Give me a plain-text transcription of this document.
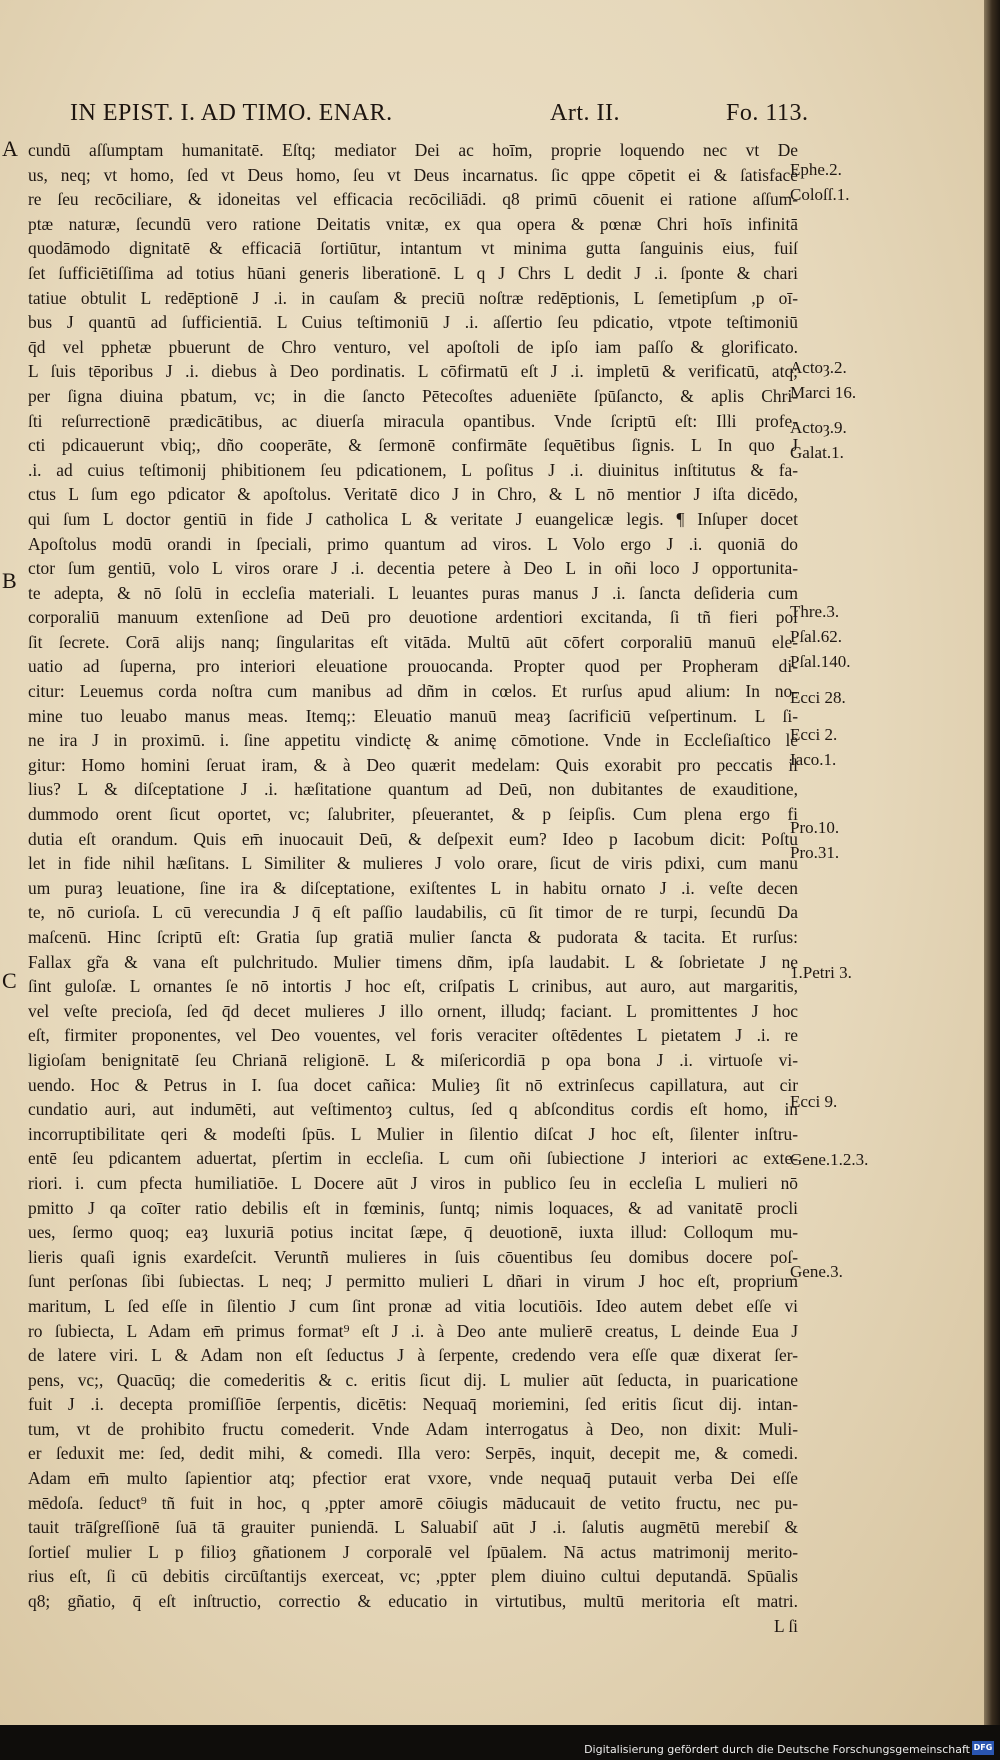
IN EPIST. I. AD TIMO. ENAR.	Art. II.	Fo. 113.
A
B
C
cundū aſſumptam humanitatē. Eſtq; mediator Dei ac hoīm, proprie loquendo nec vt De
us, neq; vt homo, ſed vt Deus homo, ſeu vt Deus incarnatus. ſic qppe cōpetit ei & ſatisface
re ſeu recōciliare, & idoneitas vel efficacia recōciliādi. q8 primū cōuenit ei ratione aſſum-
ptæ naturæ, ſecundū vero ratione Deitatis vnitæ, ex qua opera & pœnæ Chri hoīs infinitā
quodāmodo dignitatē & efficaciā ſortiūtur, intantum vt minima gutta ſanguinis eius, fuiſ
ſet ſufficiētiſſima ad totius hūani generis liberationē. L q J Chrs L dedit J .i. ſponte & chari
tatiue obtulit L redēptionē J .i. in cauſam & preciū noſtræ redēptionis, L ſemetipſum ,p oī-
bus J quantū ad ſufficientiā. L Cuius teſtimoniū J .i. aſſertio ſeu pdicatio, vtpote teſtimoniū
q̄d vel pphetæ pbuerunt de Chro venturo, vel apoſtoli de ipſo iam paſſo & glorificato.
L ſuis tēporibus J .i. diebus à Deo pordinatis. L cōfirmatū eſt J .i. impletū & verificatū, atq;
per ſigna diuina pbatum, vc; in die ſancto Pētecoſtes adueniēte ſpūſancto, & aplis Chri-
ſti reſurrectionē prædicātibus, ac diuerſa miracula opantibus. Vnde ſcriptū eſt: Illi profe-
cti pdicauerunt vbiq;, dño cooperāte, & ſermonē confirmāte ſequētibus ſignis. L In quo J
.i. ad cuius teſtimonij phibitionem ſeu pdicationem, L poſitus J .i. diuinitus inſtitutus & fa-
ctus L ſum ego pdicator & apoſtolus. Veritatē dico J in Chro, & L nō mentior J iſta dicēdo,
qui ſum L doctor gentiū in fide J catholica L & veritate J euangelicæ legis. ¶ Inſuper docet
Apoſtolus modū orandi in ſpeciali, primo quantum ad viros. L Volo ergo J .i. quoniā do
ctor ſum gentiū, volo L viros orare J .i. decentia petere à Deo L in oñi loco J opportunita-
te adepta, & nō ſolū in eccleſia materiali. L leuantes puras manus J .i. ſancta deſideria cum
corporaliū manuum extenſione ad Deū pro deuotione ardentiori excitanda, ſi tñ fieri poſ
ſit ſecrete. Corā alijs nanq; ſingularitas eſt vitāda. Multū aūt cōfert corporaliū manuū ele-
uatio ad ſuperna, pro interiori eleuatione prouocanda. Propter quod per Propheram di-
citur: Leuemus corda noſtra cum manibus ad dñm in cœlos. Et rurſus apud alium: In no-
mine tuo leuabo manus meas. Itemq;: Eleuatio manuū meaȝ ſacrificiū veſpertinum. L ſi-
ne ira J in proximū. i. ſine appetitu vindictę & animę cōmotione. Vnde in Eccleſiaſtico le
gitur: Homo homini ſeruat iram, & à Deo quærit medelam: Quis exorabit pro peccatis il
lius? L & diſceptatione J .i. hæſitatione quantum ad Deū, non dubitantes de exauditione,
dummodo orent ſicut oportet, vc; ſalubriter, pſeuerantet, & p ſeipſis. Cum plena ergo fi
dutia eſt orandum. Quis em̄ inuocauit Deū, & deſpexit eum? Ideo p Iacobum dicit: Poſtu
let in fide nihil hæſitans. L Similiter & mulieres J volo orare, ſicut de viris pdixi, cum manu
um puraȝ leuatione, ſine ira & diſceptatione, exiſtentes L in habitu ornato J .i. veſte decen
te, nō curioſa. L cū verecundia J q̄ eſt paſſio laudabilis, cū ſit timor de re turpi, ſecundū Da
maſcenū. Hinc ſcriptū eſt: Gratia ſup gratiā mulier ſancta & pudorata & tacita. Et rurſus:
Fallax gr̃a & vana eſt pulchritudo. Mulier timens dñm, ipſa laudabit. L & ſobrietate J ne
ſint guloſæ. L ornantes ſe nō intortis J hoc eſt, criſpatis L crinibus, aut auro, aut margaritis,
vel veſte precioſa, ſed q̄d decet mulieres J illo ornent, illudq; faciant. L promittentes J hoc
eſt, firmiter proponentes, vel Deo vouentes, vel foris veraciter oſtēdentes L pietatem J .i. re
ligioſam benignitatē ſeu Chrianā religionē. L & miſericordiā p opa bona J .i. virtuoſe vi-
uendo. Hoc & Petrus in I. ſua docet cañica: Mulieȝ ſit nō extrinſecus capillatura, aut cir
cundatio auri, aut indumēti, aut veſtimentoȝ cultus, ſed q abſconditus cordis eſt homo, in
incorruptibilitate qeri & modeſti ſpūs. L Mulier in ſilentio diſcat J hoc eſt, ſilenter inſtru-
entē ſeu pdicantem aduertat, pſertim in eccleſia. L cum oñi ſubiectione J interiori ac exte-
riori. i. cum pfecta humiliatiōe. L Docere aūt J viros in publico ſeu in eccleſia L mulieri nō
pmitto J qa coīter ratio debilis eſt in fœminis, ſuntq; nimis loquaces, & ad vanitatē procli
ues, ſermo quoq; eaȝ luxuriā potius incitat ſæpe, q̄ deuotionē, iuxta illud: Colloqum mu-
lieris quaſi ignis exardeſcit. Veruntñ mulieres in ſuis cōuentibus ſeu domibus docere poſ-
ſunt perſonas ſibi ſubiectas. L neq; J permitto mulieri L dñari in virum J hoc eſt, proprium
maritum, L ſed eſſe in ſilentio J cum ſint pronæ ad vitia locutiōis. Ideo autem debet eſſe vi
ro ſubiecta, L Adam em̄ primus format⁹ eſt J .i. à Deo ante mulierē creatus, L deinde Eua J
de latere viri. L & Adam non eſt ſeductus J à ſerpente, credendo vera eſſe quæ dixerat ſer-
pens, vc;, Quacūq; die comederitis & c. eritis ſicut dij. L mulier aūt ſeducta, in puaricatione
fuit J .i. decepta promiſſiōe ſerpentis, dicētis: Nequaq̄ moriemini, ſed eritis ſicut dij. intan-
tum, vt de prohibito fructu comederit. Vnde Adam interrogatus à Deo, non dixit: Muli-
er ſeduxit me: ſed, dedit mihi, & comedi. Illa vero: Serpēs, inquit, decepit me, & comedi.
Adam em̄ multo ſapientior atq; pfectior erat vxore, vnde nequaq̄ putauit verba Dei eſſe
mēdoſa. ſeduct⁹ tñ fuit in hoc, q ,ppter amorē cōiugis māducauit de vetito fructu, nec pu-
tauit trāſgreſſionē ſuā tā grauiter puniendā. L Saluabiſ aūt J .i. ſalutis augmētū merebiſ &
ſortieſ mulier L p filioȝ gñationem J corporalē vel ſpūalem. Nā actus matrimonij merito-
rius eſt, ſi cū debitis circūſtantijs exerceat, vc; ,ppter plem diuino cultui deputandā. Spūalis
q8; gñatio, q̄ eſt inſtructio, correctio & educatio in virtutibus, multū meritoria eſt matri.
L ſi
Ephe.2.
Coloſſ.1.
Actoȝ.2.
Marci 16.
Actoȝ.9.
Galat.1.
Thre.3.
Pſal.62.
Pſal.140.
Ecci 28.
Ecci 2.
Iaco.1.
Pro.10.
Pro.31.
1.Petri 3.
Ecci 9.
Gene.1.2.3.
Gene.3.
Digitalisierung gefördert durch die Deutsche Forschungsgemeinschaft DFG
